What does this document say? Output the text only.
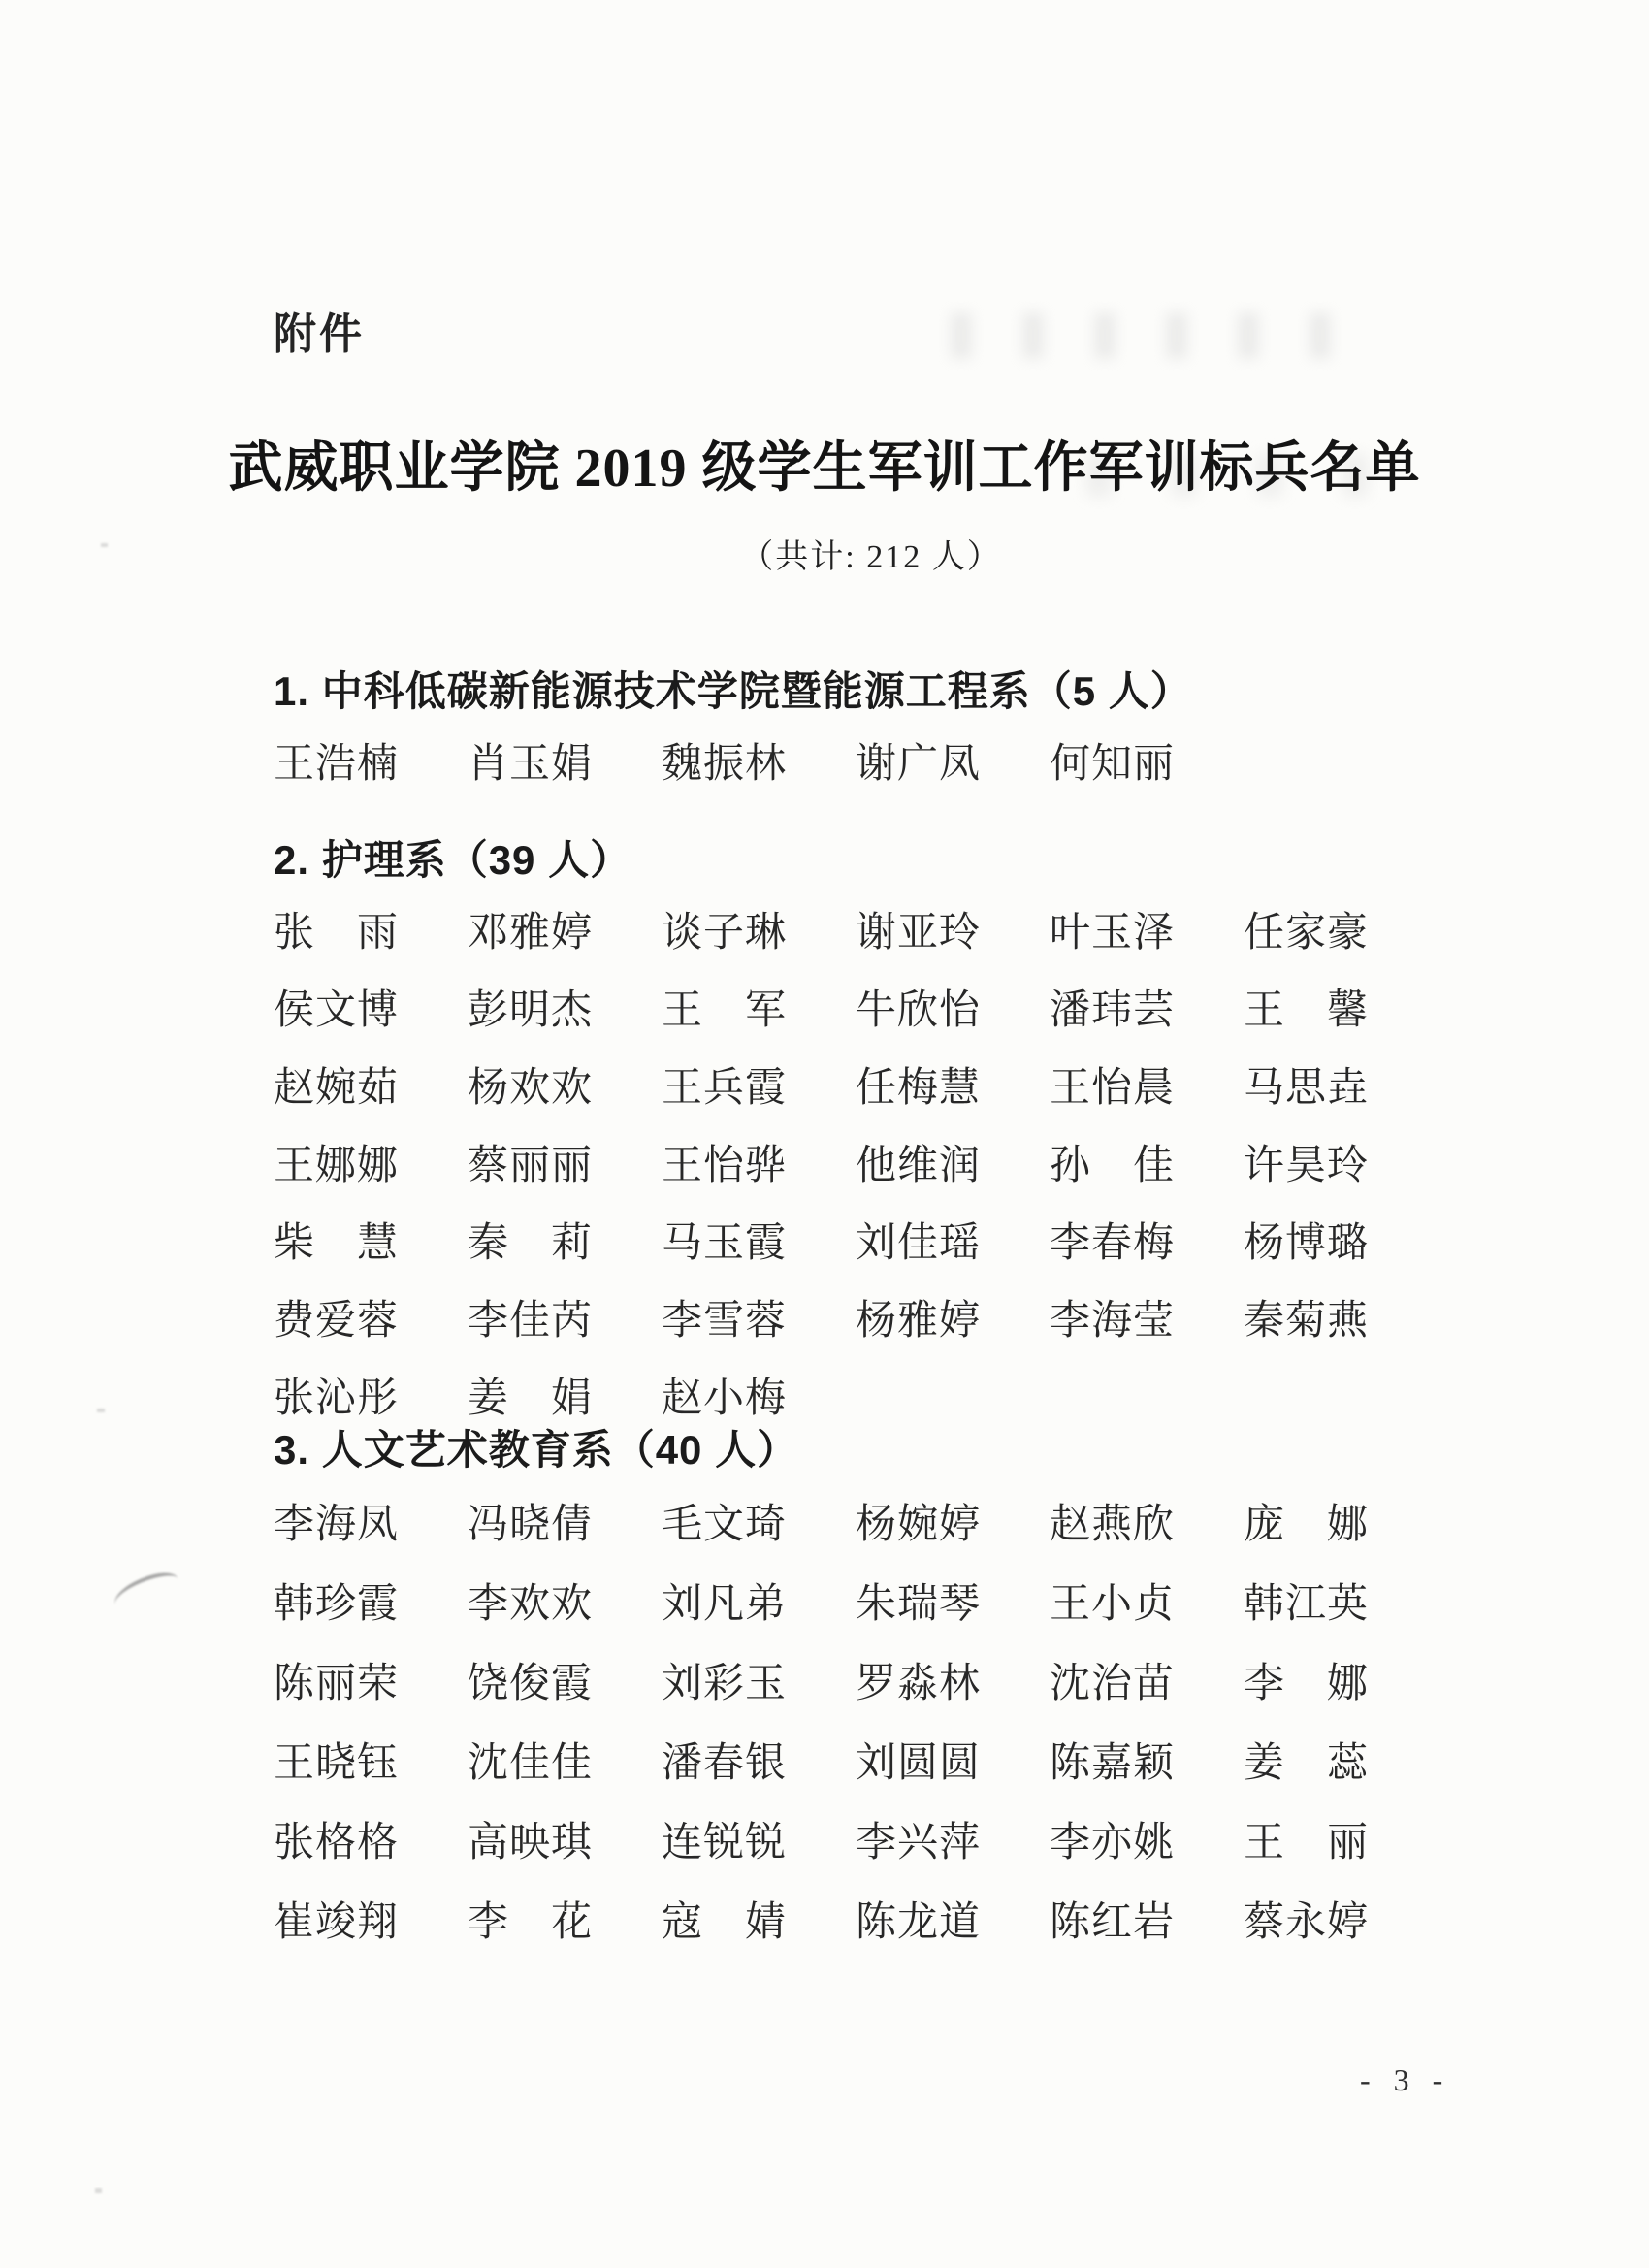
附件
武威职业学院 2019 级学生军训工作军训标兵名单
（共计: 212 人）
1. 中科低碳新能源技术学院暨能源工程系（5 人）
王浩楠	肖玉娟	魏振林	谢广凤	何知丽
2. 护理系（39 人）
张　雨	邓雅婷	谈子琳	谢亚玲	叶玉泽	任家豪
侯文博	彭明杰	王　军	牛欣怡	潘玮芸	王　馨
赵婉茹	杨欢欢	王兵霞	任梅慧	王怡晨	马思垚
王娜娜	蔡丽丽	王怡骅	他维润	孙　佳	许昊玲
柴　慧	秦　莉	马玉霞	刘佳瑶	李春梅	杨博璐
费爱蓉	李佳芮	李雪蓉	杨雅婷	李海莹	秦菊燕
张沁彤	姜　娟	赵小梅
3. 人文艺术教育系（40 人）
李海凤	冯晓倩	毛文琦	杨婉婷	赵燕欣	庞　娜
韩珍霞	李欢欢	刘凡弟	朱瑞琴	王小贞	韩江英
陈丽荣	饶俊霞	刘彩玉	罗淼林	沈治苗	李　娜
王晓钰	沈佳佳	潘春银	刘圆圆	陈嘉颖	姜　蕊
张格格	高映琪	连锐锐	李兴萍	李亦姚	王　丽
崔竣翔	李　花	寇　婧	陈龙道	陈红岩	蔡永婷
- 3 -
